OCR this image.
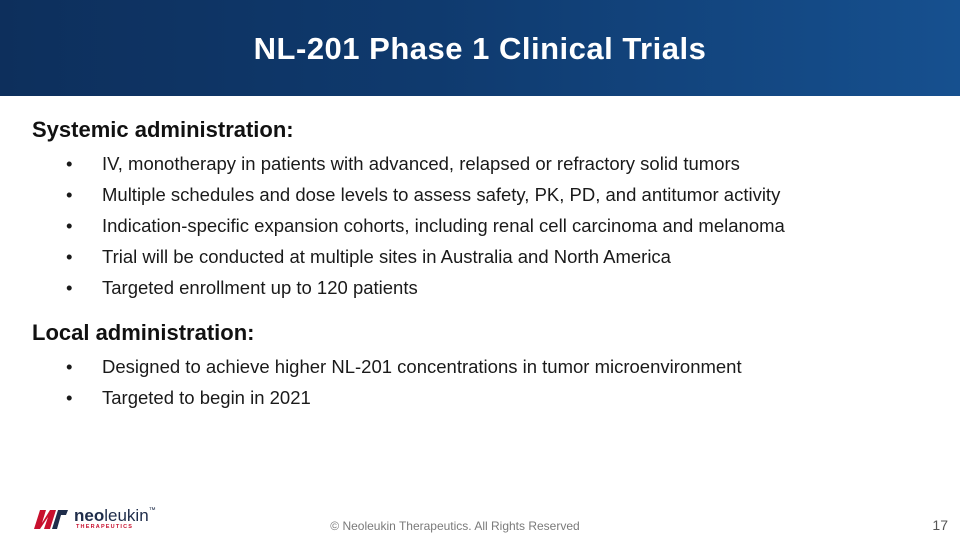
NL-201 Phase 1 Clinical Trials
Systemic administration:
• IV, monotherapy in patients with advanced, relapsed or refractory solid tumors
• Multiple schedules and dose levels to assess safety, PK, PD, and antitumor activity
• Indication-specific expansion cohorts, including renal cell carcinoma and melanoma
• Trial will be conducted at multiple sites in Australia and North America
• Targeted enrollment up to 120 patients
Local administration:
• Designed to achieve higher NL-201 concentrations in tumor microenvironment
• Targeted to begin in 2021
neoleukin™
THERAPEUTICS	© Neoleukin Therapeutics. All Rights Reserved	17
